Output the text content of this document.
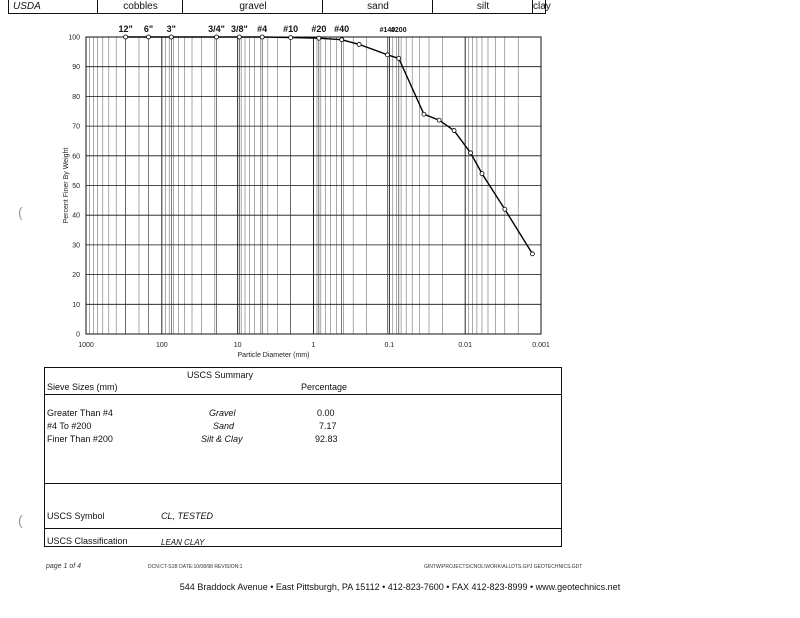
USDA	cobbles	gravel	sand	silt	clay
0
10
20
30
40
50
60
70
80
90
100
1000	100	10	1	0.1	0.01	0.001
12" 6" 3"	3/4" 3/8" #4 #10 #20 #40	#140
#200
Percent Finer By Weight
Particle Diameter (mm)
(
(
USCS Summary
Sieve Sizes (mm)	Percentage
Greater Than #4	Gravel	0.00
#4 To #200	Sand	7.17
Finer Than #200	Silt & Clay	92.83
USCS Symbol	CL, TESTED
USCS Classification	LEAN CLAY
page 1 of 4	DCN:CT-S1B DATE:10/08/98 REVISION:1	GINTW\PROJECTS\CNOL\WORK\ALLDTS.GPJ GEOTECHNICS.GDT
544 Braddock Avenue • East Pittsburgh, PA 15112 • 412-823-7600 • FAX 412-823-8999 • www.geotechnics.net
